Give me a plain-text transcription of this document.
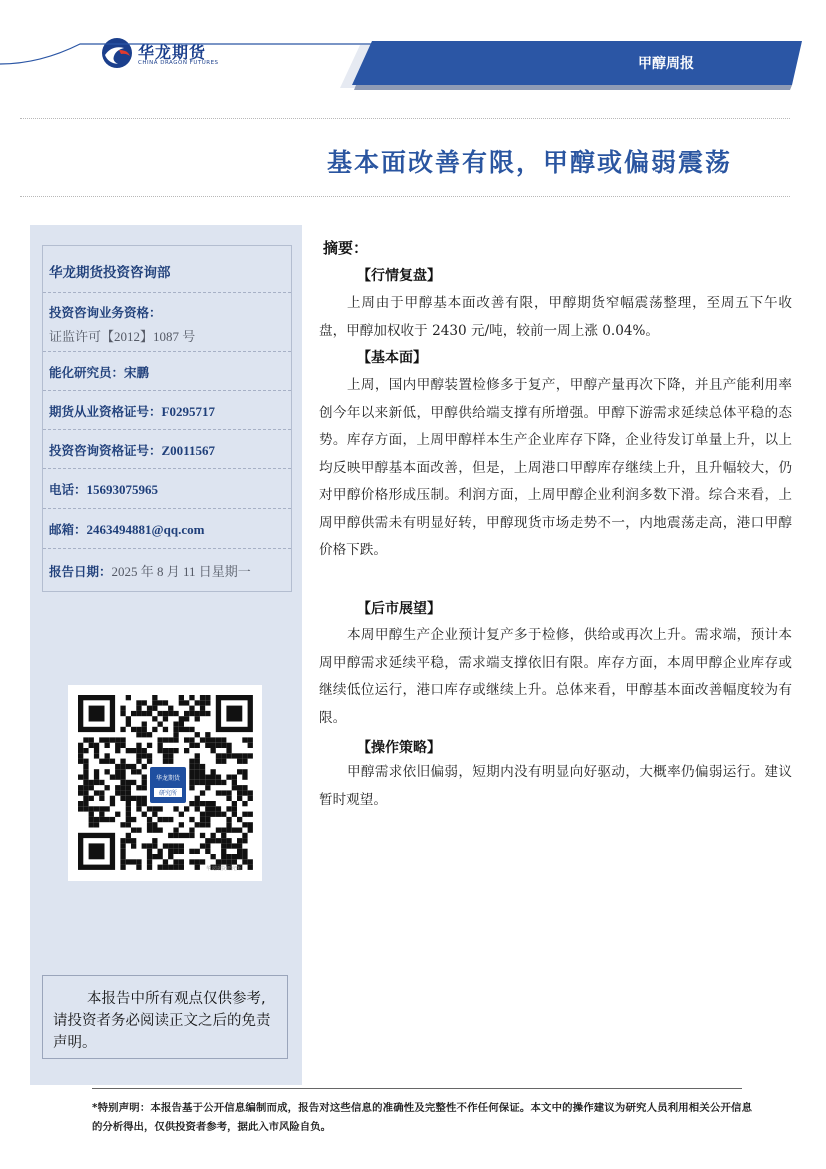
华龙期货
CHINA DRAGON FUTURES	甲醇周报
基本面改善有限，甲醇或偏弱震荡
华龙期货投资咨询部
投资咨询业务资格：
证监许可【2012】1087 号
能化研究员：宋鹏
期货从业资格证号：F0295717
投资咨询资格证号：Z0011567
电话：15693075965
邮箱：2463494881@qq.com
报告日期：2025 年 8 月 11 日星期一
华龙期货
研究所
华龙期货研究所
本报告中所有观点仅供参考,请投资者务必阅读正文之后的免责声明。
摘要：
【行情复盘】
上周由于甲醇基本面改善有限，甲醇期货窄幅震荡整理，至周五下午收盘，甲醇加权收于 2430 元/吨，较前一周上涨 0.04%。
【基本面】
上周，国内甲醇装置检修多于复产，甲醇产量再次下降，并且产能利用率创今年以来新低，甲醇供给端支撑有所增强。甲醇下游需求延续总体平稳的态势。库存方面，上周甲醇样本生产企业库存下降，企业待发订单量上升，以上均反映甲醇基本面改善，但是，上周港口甲醇库存继续上升，且升幅较大，仍对甲醇价格形成压制。利润方面，上周甲醇企业利润多数下滑。综合来看，上周甲醇供需未有明显好转，甲醇现货市场走势不一，内地震荡走高，港口甲醇价格下跌。
【后市展望】
本周甲醇生产企业预计复产多于检修，供给或再次上升。需求端，预计本周甲醇需求延续平稳，需求端支撑依旧有限。库存方面，本周甲醇企业库存或继续低位运行，港口库存或继续上升。总体来看，甲醇基本面改善幅度较为有限。
【操作策略】
甲醇需求依旧偏弱，短期内没有明显向好驱动，大概率仍偏弱运行。建议暂时观望。
*特别声明：本报告基于公开信息编制而成，报告对这些信息的准确性及完整性不作任何保证。本文中的操作建议为研究人员利用相关公开信息的分析得出，仅供投资者参考，据此入市风险自负。
